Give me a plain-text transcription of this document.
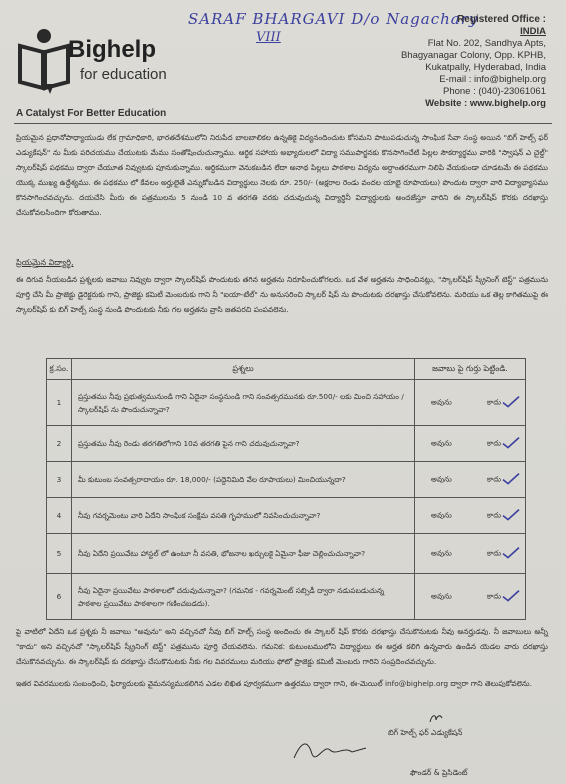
SARAF BHARGAVI D/o Nagachary
VIII
Bighelp
for education
A Catalyst For Better Education
Registered Office :
INDIA
Flat No. 202, Sandhya Apts,
Bhagyanagar Colony, Opp. KPHB,
Kukatpally, Hyderabad, India
E-mail : info@bighelp.org
Phone : (040)-23061061
Website : www.bighelp.org
ప్రియమైన ప్రధానోపాధ్యాయుడు లేక గ్రామాధికారి, భారతదేశములోని నిరుపేద బాలబాలికల ఉన్నతికై విద్యనందించుట కోసమని పాటుపడుచున్న సాంఘిక సేవా సంస్థ అయిన "బిగ్ హెల్ప్ ఫర్ ఎడ్యుకేషన్" ను మీకు పరిచయము చేయుటకు మేము సంతోషించుచున్నాము. ఆర్థిక సహాయ అభ్యాదులలో విద్యా సముపార్జనకు కొనసాగించేటి పిల్లల సౌకర్యార్థము వారికి "స్వాషన్ ఎ చైల్డ్" స్కాలర్‌షిప్ పథకము ద్వారా చేయూత నివ్వుటకు పూనుకున్నాము. ఆర్థికముగా వెనుకబడిన లేదా అనాథ పిల్లలు పాఠశాల విద్యను అర్ధాంతరముగా నిలిపి వేయకుండా చూడటమే ఈ పథకము యొక్క ముఖ్య ఉద్దేశ్యము. ఈ పథకము లో కేవలం అర్హులైతే ఎన్నుకోబడిన విద్యార్థులు నెలకు రూ. 250/- (అక్షరాల రెండు వందల యాభై రూపాయలు) పొందుట ద్వారా వారి విద్యాభ్యాసము కొనసాగించవచ్చును. దయచేసి మీరు ఈ పత్రములను 5 నుండి 10 వ తరగతి వరకు చదువుచున్న విద్యార్థినీ విద్యార్థులకు అందజేస్తూ వారిని ఈ స్కాలర్‌షిప్ కొరకు దరఖాస్తు చేసుకోవలసిందిగా కోరుతాము.
ప్రియమైన విద్యార్థి,
ఈ దిగువ నీయబడిన ప్రశ్నలకు జవాబు నివ్వుట ద్వారా స్కాలర్‌షిప్ పొందుటకు తగిన అర్హతను నిరూపించుకోగలరు. ఒక వేళ అర్హతను సాధించినట్లు, "స్కాలర్‌షిప్ స్క్రీనింగ్ టెస్ట్" పత్రమును పూర్తి చేసి మీ ప్రాజెక్టు డైరెక్టరుకు గాని, ప్రాజెక్టు కమిటీ మెంబరుకు గాని నీ "ఐయా-టేల్" ను అనుసరించి స్కాలర్ షిప్ ను పొందుటకు దరఖాస్తు చేసుకోవలెను. మరియు ఒక తెల్ల కాగితముపై ఈ స్కాలర్‌షిప్ కు బిగ్ హెల్ప్ సంస్థ నుండి పొందుటకు నీకు గల అర్హతను వ్రాసి జతపరచి పంపవలెను.
క్ర.సం.	ప్రశ్నలు	జవాబు పై గుర్తు పెట్టిండి.
1	ప్రస్తుతము నీవు ప్రభుత్వమునుండి గాని ఏదైనా సంస్థనుండి గాని సంవత్సరమునకు రూ.500/- లకు మించి సహాయం / స్కాలర్‌షిప్ ను పొందుచున్నావా?	అవును కాదు

2	ప్రస్తుతము నీవు రెండు తరగతిలోగాని 10వ తరగతి పైన గాని చదువుచున్నావా?	అవును కాదు

3	మీ కుటుంబ సంవత్సరాదాయం రూ. 18,000/- (పద్దెనిమిది వేల రూపాయలు) మించియున్నదా?	అవును కాదు

4	నీవు గవర్నమెంటు వారి ఏదేని సాంఘిక సంక్షేమ వసతి గృహములో నివసించుచున్నావా?	అవును కాదు

5	నీవు ఏదేని ప్రయివేటు హాస్టల్ లో ఉంటూ నీ వసతి, భోజనాల ఖర్చులకై ఏమైనా ఫీజు చెల్లించుచున్నావా?	అవును కాదు

6	నీవు ఏదైనా ప్రయివేటు పాఠశాలలో చదువుచున్నావా? (గమనిక - గవర్నమెంట్ సబ్సిడీ ద్వారా నడుపబడుచున్న పాఠశాల ప్రయివేటు పాఠశాలగా గణించబడదు).	అవును కాదు
పై వాటిలో ఏదేని ఒక ప్రశ్నకు నీ జవాబు "అవును" అని వచ్చినచో నీవు బిగ్ హెల్ప్ సంస్థ అందించు ఈ స్కాలర్ షిప్ కొరకు దరఖాస్తు చేసుకొనుటకు నీవు అనర్హుడవు. నీ జవాబులు అన్నీ "కాదు" అని వచ్చినచో "స్కాలర్‌షిప్ స్క్రీనింగ్ టెస్ట్" పత్రమును పూర్తి చేయవలెను. గమనిక: కుటుంబములోని విద్యార్థులు ఈ అర్హత కలిగి ఉన్నవారు ఉండిన యెడల వారు దరఖాస్తు చేసుకొనవచ్చును. ఈ స్కాలర్‌షిప్ కు దరఖాస్తు చేసుకొనుటకు నీకు గల వివరములు మరియు ఫోటో ప్రాజెక్టు కమిటీ మెంబరు గారిని సంప్రదించవచ్చును.
ఇతర వివరములకు సంబంధించి, ఫిర్యాదులకు వైమనస్యముకలిగిన ఎడల లిఖిత పూర్వకముగా ఉత్తరము ద్వారా గాని, ఈ-మెయిల్ info@bighelp.org ద్వారా గాని తెలుపుకోవలెను.
బిగ్ హెల్ప్ ఫర్ ఎడ్యుకేషన్
ఫౌండర్ & ప్రెసిడెంట్
